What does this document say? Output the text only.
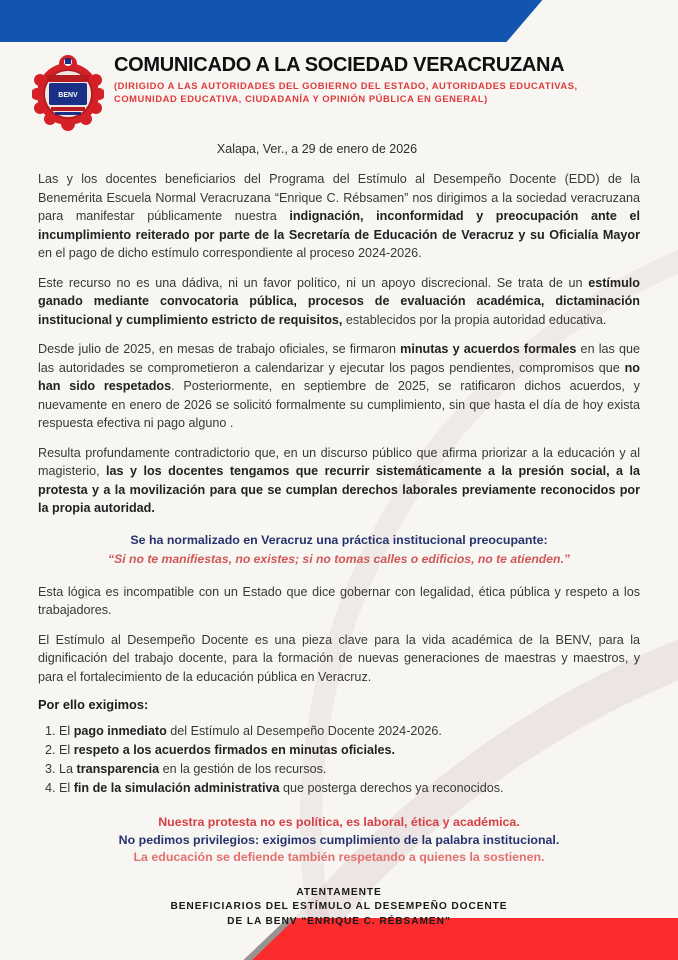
BENV
COMUNICADO A LA SOCIEDAD VERACRUZANA
(DIRIGIDO A LAS AUTORIDADES DEL GOBIERNO DEL ESTADO, AUTORIDADES EDUCATIVAS, COMUNIDAD EDUCATIVA, CIUDADANÍA Y OPINIÓN PÚBLICA EN GENERAL)
Xalapa, Ver., a 29 de enero de 2026

Las y los docentes beneficiarios del Programa del Estímulo al Desempeño Docente (EDD) de la Benemérita Escuela Normal Veracruzana “Enrique C. Rébsamen” nos dirigimos a la sociedad veracruzana para manifestar públicamente nuestra indignación, inconformidad y preocupación ante el incumplimiento reiterado por parte de la Secretaría de Educación de Veracruz y su Oficialía Mayor en el pago de dicho estímulo correspondiente al proceso 2024-2026.

Este recurso no es una dádiva, ni un favor político, ni un apoyo discrecional. Se trata de un estímulo ganado mediante convocatoria pública, procesos de evaluación académica, dictaminación institucional y cumplimiento estricto de requisitos, establecidos por la propia autoridad educativa.

Desde julio de 2025, en mesas de trabajo oficiales, se firmaron minutas y acuerdos formales en las que las autoridades se comprometieron a calendarizar y ejecutar los pagos pendientes, compromisos que no han sido respetados. Posteriormente, en septiembre de 2025, se ratificaron dichos acuerdos, y nuevamente en enero de 2026 se solicitó formalmente su cumplimiento, sin que hasta el día de hoy exista respuesta efectiva ni pago alguno .

Resulta profundamente contradictorio que, en un discurso público que afirma priorizar a la educación y al magisterio, las y los docentes tengamos que recurrir sistemáticamente a la presión social, a la protesta y a la movilización para que se cumplan derechos laborales previamente reconocidos por la propia autoridad.

Se ha normalizado en Veracruz una práctica institucional preocupante:
“Si no te manifiestas, no existes; si no tomas calles o edificios, no te atienden.”

Esta lógica es incompatible con un Estado que dice gobernar con legalidad, ética pública y respeto a los trabajadores.

El Estímulo al Desempeño Docente es una pieza clave para la vida académica de la BENV, para la dignificación del trabajo docente, para la formación de nuevas generaciones de maestras y maestros, y para el fortalecimiento de la educación pública en Veracruz.

Por ello exigimos:
1. El pago inmediato del Estímulo al Desempeño Docente 2024-2026.
2. El respeto a los acuerdos firmados en minutas oficiales.
3. La transparencia en la gestión de los recursos.
4. El fin de la simulación administrativa que posterga derechos ya reconocidos.
Nuestra protesta no es política, es laboral, ética y académica.
No pedimos privilegios: exigimos cumplimiento de la palabra institucional.
La educación se defiende también respetando a quienes la sostienen.
ATENTAMENTE
BENEFICIARIOS DEL ESTÍMULO AL DESEMPEÑO DOCENTE
DE LA BENV “ENRIQUE C. RÉBSAMEN”
